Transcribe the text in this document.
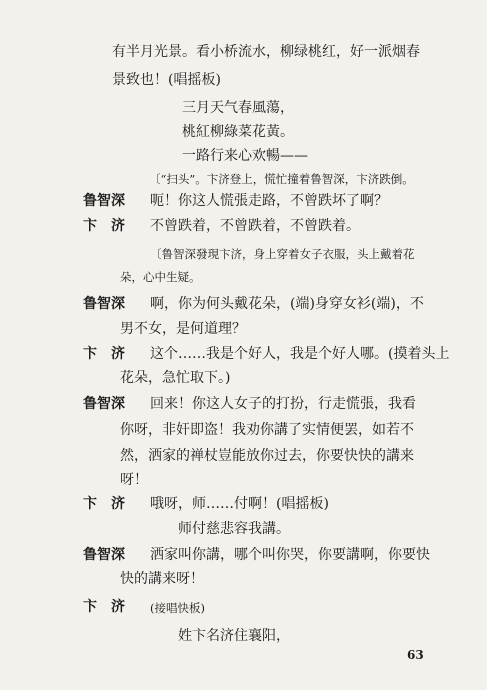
有半月光景。看小桥流水，柳绿桃红，好一派烟春
景致也！(唱摇板)
三月天气春風蕩，
桃紅柳綠菜花黃。
一路行来心欢暢——
〔“扫头”。卞济登上，慌忙撞着鲁智深，卞济跌倒。
鲁智深 呃！你这人慌張走路，不曾跌坏了啊？
卞　济 不曾跌着，不曾跌着，不曾跌着。
〔鲁智深發現卞济，身上穿着女子衣服，头上戴着花
朵，心中生疑。
鲁智深 啊，你为何头戴花朵，(端)身穿女衫(端)，不
男不女，是何道理？
卞　济 这个……我是个好人，我是个好人哪。(摸着头上
花朵，急忙取下。)
鲁智深 回来！你这人女子的打扮，行走慌張，我看
你呀，非奸即盗！我劝你講了实情便罢，如若不
然，洒家的禅杖豈能放你过去，你要快快的講来
呀！
卞　济 哦呀，师……付啊！(唱摇板)
师付慈悲容我講。
鲁智深 洒家叫你講，哪个叫你哭，你要講啊，你要快
快的講来呀！
卞　济 (接唱快板)
姓卞名济住襄阳，
63
